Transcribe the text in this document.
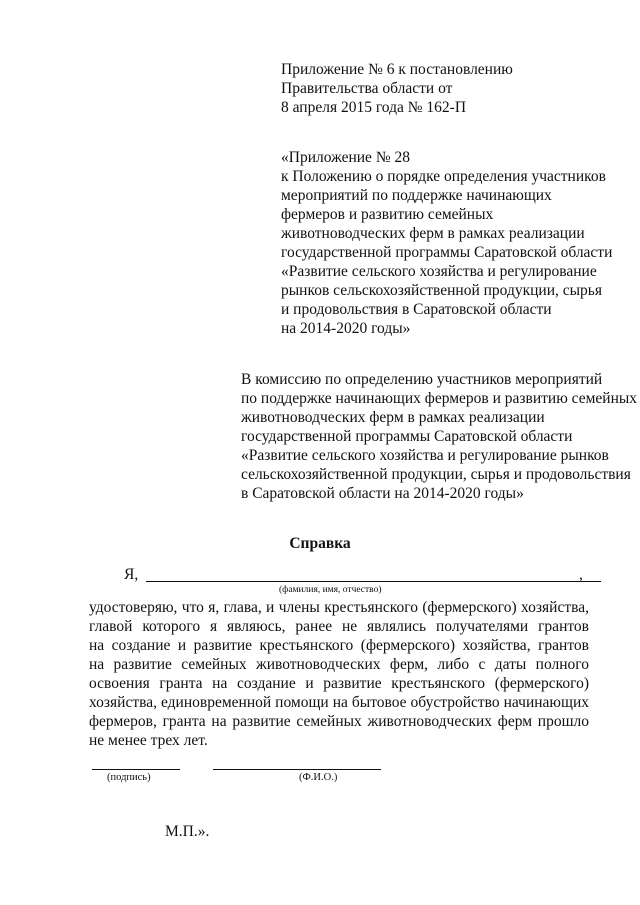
Приложение № 6 к постановлению
Правительства области от
8 апреля 2015 года № 162-П
«Приложение № 28
к Положению о порядке определения участников
мероприятий по поддержке начинающих
фермеров и развитию семейных
животноводческих ферм в рамках реализации
государственной программы Саратовской области
«Развитие сельского хозяйства и регулирование
рынков сельскохозяйственной продукции, сырья
и продовольствия в Саратовской области
на 2014-2020 годы»
В комиссию по определению участников мероприятий
по поддержке начинающих фермеров и развитию семейных
животноводческих ферм в рамках реализации
государственной программы Саратовской области
«Развитие сельского хозяйства и регулирование рынков
сельскохозяйственной продукции, сырья и продовольствия
в Саратовской области на 2014-2020 годы»
Справка
Я,	,
(фамилия, имя, отчество)
удостоверяю, что я, глава, и члены крестьянского (фермерского) хозяйства,
главой которого я являюсь, ранее не являлись получателями грантов
на создание и развитие крестьянского (фермерского) хозяйства, грантов
на развитие семейных животноводческих ферм, либо с даты полного
освоения гранта на создание и развитие крестьянского (фермерского)
хозяйства, единовременной помощи на бытовое обустройство начинающих
фермеров, гранта на развитие семейных животноводческих ферм прошло
не менее трех лет.
(подпись)	(Ф.И.О.)
М.П.».
